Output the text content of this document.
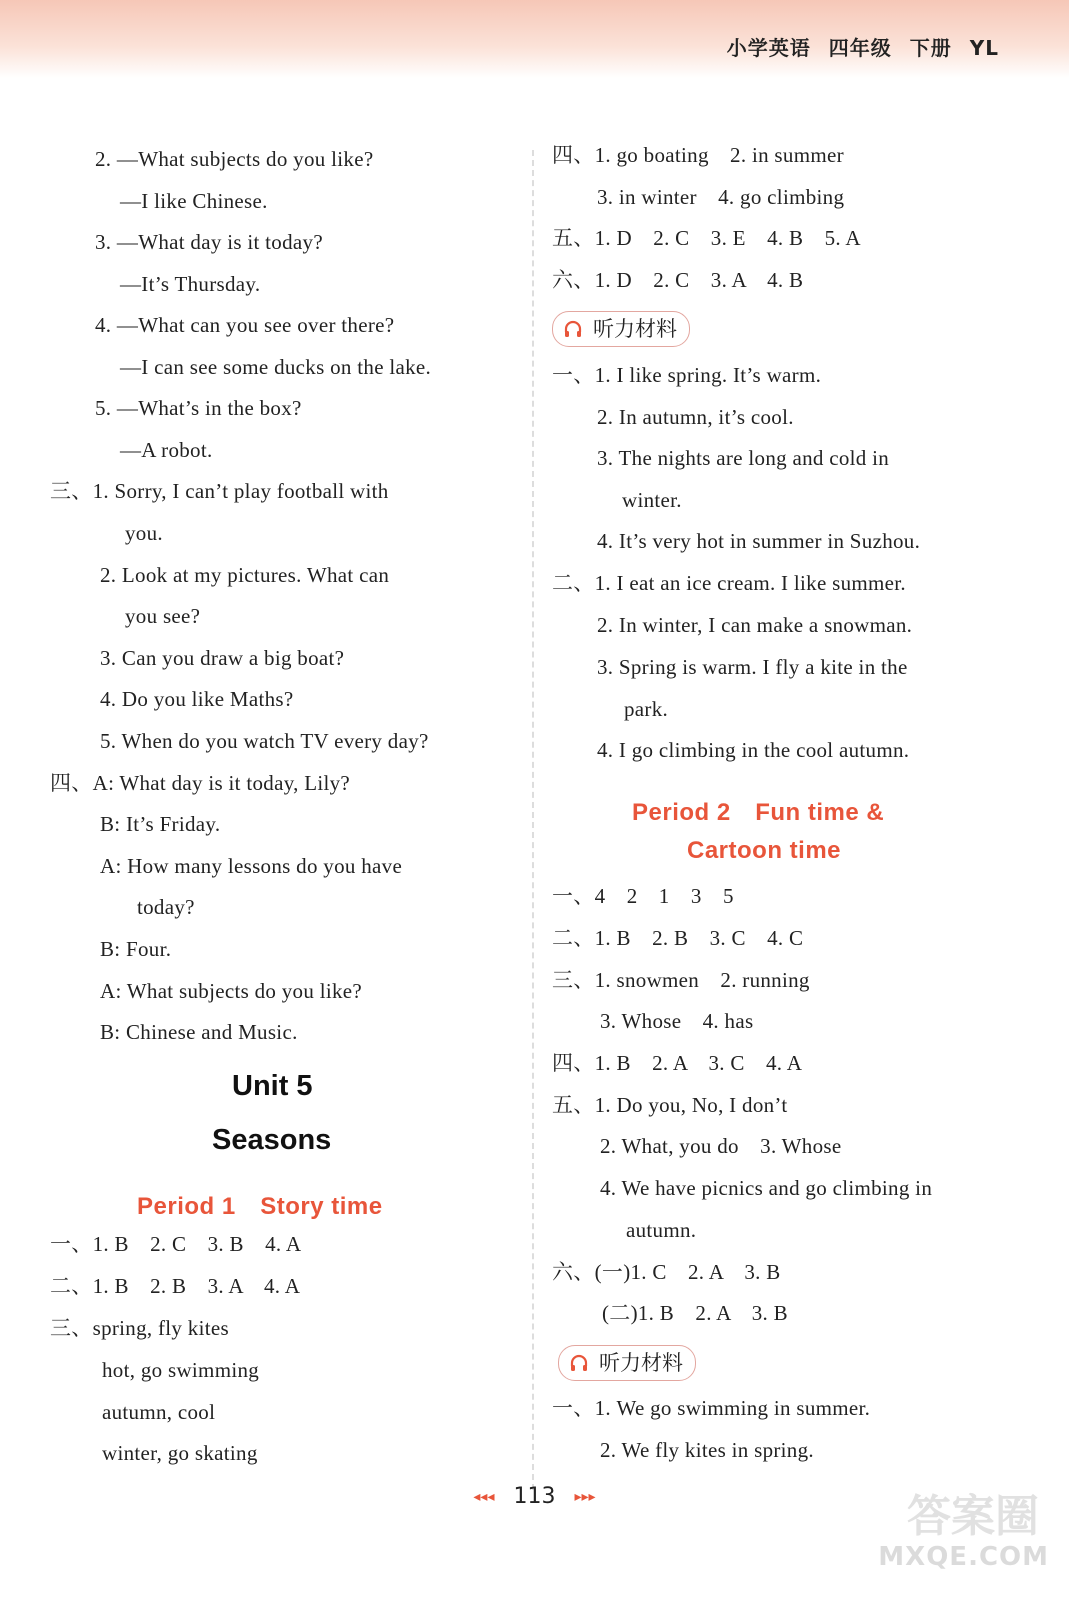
小学英语 四年级 下册 YL
Unit 5
Seasons
Period 1　Story time
2. —What subjects do you like?
—I like Chinese.
3. —What day is it today?
—It’s Thursday.
4. —What can you see over there?
—I can see some ducks on the lake.
5. —What’s in the box?
—A robot.
三、1. Sorry, I can’t play football with
you.
2. Look at my pictures. What can
you see?
3. Can you draw a big boat?
4. Do you like Maths?
5. When do you watch TV every day?
四、A: What day is it today, Lily?
B: It’s Friday.
A: How many lessons do you have
today?
B: Four.
A: What subjects do you like?
B: Chinese and Music.
一、1. B　2. C　3. B　4. A
二、1. B　2. B　3. A　4. A
三、spring, fly kites
hot, go swimming
autumn, cool
winter, go skating
听力材料
Period 2　Fun time &
Cartoon time
听力材料
四、1. go boating　2. in summer
3. in winter　4. go climbing
五、1. D　2. C　3. E　4. B　5. A
六、1. D　2. C　3. A　4. B
一、1. I like spring. It’s warm.
2. In autumn, it’s cool.
3. The nights are long and cold in
winter.
4. It’s very hot in summer in Suzhou.
二、1. I eat an ice cream. I like summer.
2. In winter, I can make a snowman.
3. Spring is warm. I fly a kite in the
park.
4. I go climbing in the cool autumn.
一、4　2　1　3　5
二、1. B　2. B　3. C　4. C
三、1. snowmen　2. running
3. Whose　4. has
四、1. B　2. A　3. C　4. A
五、1. Do you, No, I don’t
2. What, you do　3. Whose
4. We have picnics and go climbing in
autumn.
六、(一)1. C　2. A　3. B
(二)1. B　2. A　3. B
一、1. We go swimming in summer.
2. We fly kites in spring.
◂◂◂ 113 ▸▸▸	答案圈
MXQE.COM
